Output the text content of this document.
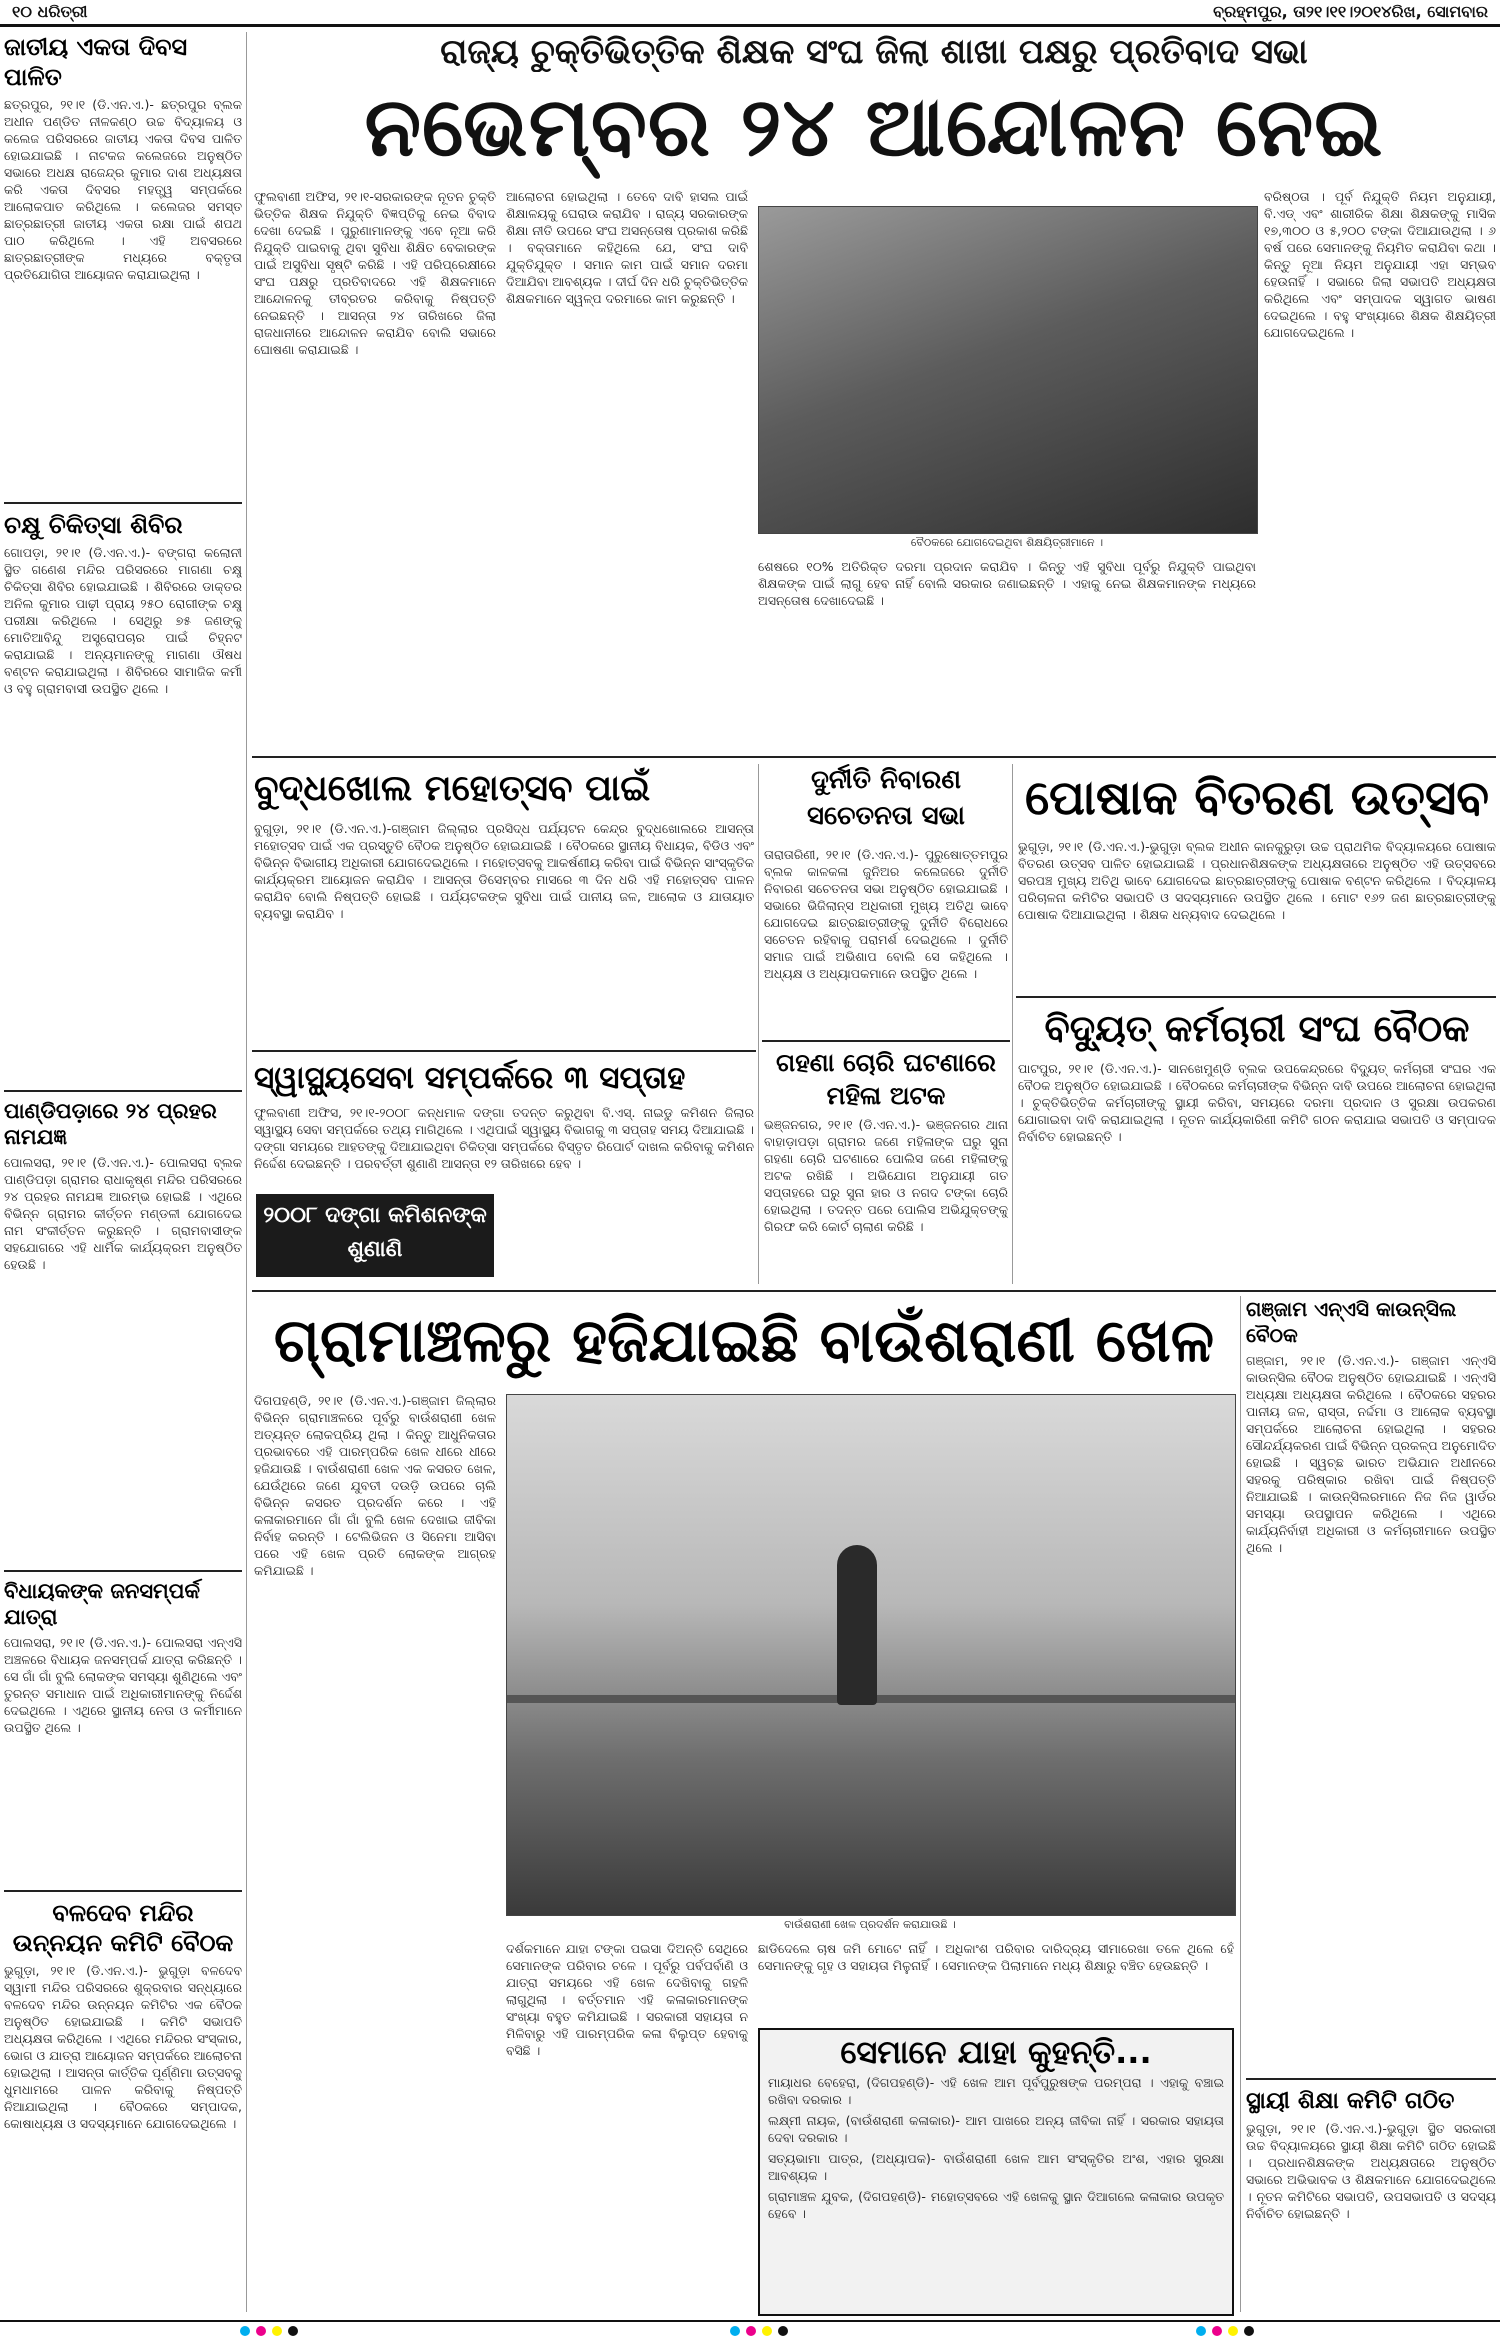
୧୦ ଧରିତ୍ରୀ	ବ୍ରହ୍ମପୁର, ତା୨୧।୧୧।୨୦୧୪ରିଖ, ସୋମବାର
ଜାତୀୟ ଏକତା ଦିବସ ପାଳିତ
ଛତ୍ରପୁର, ୨୧।୧ (ଡି.ଏନ.ଏ.)- ଛତ୍ରପୁର ବ୍ଲକ ଅଧୀନ ପଣ୍ଡିତ ନୀଳକଣ୍ଠ ଉଚ୍ଚ ବିଦ୍ୟାଳୟ ଓ କଲେଜ ପରିସରରେ ଜାତୀୟ ଏକତା ଦିବସ ପାଳିତ ହୋଇଯାଇଛି । ନାଟକଜ କଲେଜରେ ଅନୁଷ୍ଠିତ ସଭାରେ ଅଧକ୍ଷ ରାଜେନ୍ଦ୍ର କୁମାର ଦାଶ ଅଧ୍ୟକ୍ଷତା କରି ଏକତା ଦିବସର ମହତ୍ତ୍ୱ ସମ୍ପର୍କରେ ଆଲୋକପାତ କରିଥିଲେ । କଲେଜର ସମସ୍ତ ଛାତ୍ରଛାତ୍ରୀ ଜାତୀୟ ଏକତା ରକ୍ଷା ପାଇଁ ଶପଥ ପାଠ କରିଥିଲେ । ଏହି ଅବସରରେ ଛାତ୍ରଛାତ୍ରୀଙ୍କ ମଧ୍ୟରେ ବକ୍ତୃତା ପ୍ରତିଯୋଗିତା ଆୟୋଜନ କରାଯାଇଥିଲା ।
ଚକ୍ଷୁ ଚିକିତ୍ସା ଶିବିର
ଗୋପଡ଼ା, ୨୧।୧ (ଡି.ଏନ.ଏ.)- ବଙ୍ଗରା କଲୋନୀ ସ୍ଥିତ ଗଣେଶ ମନ୍ଦିର ପରିସରରେ ମାଗଣା ଚକ୍ଷୁ ଚିକିତ୍ସା ଶିବିର ହୋଇଯାଇଛି । ଶିବିରରେ ଡାକ୍ତର ଅନିଲ କୁମାର ପାଢ଼ୀ ପ୍ରାୟ ୨୫୦ ରୋଗୀଙ୍କ ଚକ୍ଷୁ ପରୀକ୍ଷା କରିଥିଲେ । ସେଥିରୁ ୭୫ ଜଣଙ୍କୁ ମୋତିଆବିନ୍ଦୁ ଅସ୍ତ୍ରୋପଚାର ପାଇଁ ଚିହ୍ନଟ କରାଯାଇଛି । ଅନ୍ୟମାନଙ୍କୁ ମାଗଣା ଔଷଧ ବଣ୍ଟନ କରାଯାଇଥିଲା । ଶିବିରରେ ସାମାଜିକ କର୍ମୀ ଓ ବହୁ ଗ୍ରାମବାସୀ ଉପସ୍ଥିତ ଥିଲେ ।
ପାଣ୍ଡିପଡ଼ାରେ ୨୪ ପ୍ରହର ନାମଯଜ୍ଞ
ପୋଲସରା, ୨୧।୧ (ଡି.ଏନ.ଏ.)- ପୋଲସରା ବ୍ଲକ ପାଣ୍ଡିପଡ଼ା ଗ୍ରାମର ରାଧାକୃଷ୍ଣ ମନ୍ଦିର ପରିସରରେ ୨୪ ପ୍ରହର ନାମଯଜ୍ଞ ଆରମ୍ଭ ହୋଇଛି । ଏଥିରେ ବିଭିନ୍ନ ଗ୍ରାମର କୀର୍ତ୍ତନ ମଣ୍ଡଳୀ ଯୋଗଦେଇ ନାମ ସଂକୀର୍ତ୍ତନ କରୁଛନ୍ତି । ଗ୍ରାମବାସୀଙ୍କ ସହଯୋଗରେ ଏହି ଧାର୍ମିକ କାର୍ଯ୍ୟକ୍ରମ ଅନୁଷ୍ଠିତ ହେଉଛି ।
ବିଧାୟକଙ୍କ ଜନସମ୍ପର୍କ ଯାତ୍ରା
ପୋଲସରା, ୨୧।୧ (ଡି.ଏନ.ଏ.)- ପୋଲସରା ଏନ୍ଏସି ଅଞ୍ଚଳରେ ବିଧାୟକ ଜନସମ୍ପର୍କ ଯାତ୍ରା କରିଛନ୍ତି । ସେ ଗାଁ ଗାଁ ବୁଲି ଲୋକଙ୍କ ସମସ୍ୟା ଶୁଣିଥିଲେ ଏବଂ ତୁରନ୍ତ ସମାଧାନ ପାଇଁ ଅଧିକାରୀମାନଙ୍କୁ ନିର୍ଦ୍ଦେଶ ଦେଇଥିଲେ । ଏଥିରେ ସ୍ଥାନୀୟ ନେତା ଓ କର୍ମୀମାନେ ଉପସ୍ଥିତ ଥିଲେ ।
ବଳଦେବ ମନ୍ଦିର ଉନ୍ନୟନ କମିଟି ବୈଠକ
ଭୁଗୁଡ଼ା, ୨୧।୧ (ଡି.ଏନ.ଏ.)- ଭୁଗୁଡ଼ା ବଳଦେବ ସ୍ୱାମୀ ମନ୍ଦିର ପରିସରରେ ଶୁକ୍ରବାର ସନ୍ଧ୍ୟାରେ ବଳଦେବ ମନ୍ଦିର ଉନ୍ନୟନ କମିଟିର ଏକ ବୈଠକ ଅନୁଷ୍ଠିତ ହୋଇଯାଇଛି । କମିଟି ସଭାପତି ଅଧ୍ୟକ୍ଷତା କରିଥିଲେ । ଏଥିରେ ମନ୍ଦିରର ସଂସ୍କାର, ଭୋଗ ଓ ଯାତ୍ରା ଆୟୋଜନ ସମ୍ପର୍କରେ ଆଲୋଚନା ହୋଇଥିଲା । ଆସନ୍ତା କାର୍ତ୍ତିକ ପୂର୍ଣ୍ଣିମା ଉତ୍ସବକୁ ଧୁମଧାମରେ ପାଳନ କରିବାକୁ ନିଷ୍ପତ୍ତି ନିଆଯାଇଥିଲା । ବୈଠକରେ ସମ୍ପାଦକ, କୋଷାଧ୍ୟକ୍ଷ ଓ ସଦସ୍ୟମାନେ ଯୋଗଦେଇଥିଲେ ।
ରାଜ୍ୟ ଚୁକ୍ତିଭିତ୍ତିକ ଶିକ୍ଷକ ସଂଘ ଜିଲା ଶାଖା ପକ୍ଷରୁ ପ୍ରତିବାଦ ସଭା
ନଭେମ୍ବର ୨୪ ଆନ୍ଦୋଳନ ନେଇ
ଫୁଲବାଣୀ ଅଫିସ, ୨୧।୧-ସରକାରଙ୍କ ନୂତନ ଚୁକ୍ତି ଭିତ୍ତିକ ଶିକ୍ଷକ ନିଯୁକ୍ତି ବିଜ୍ଞପ୍ତିକୁ ନେଇ ବିବାଦ ଦେଖା ଦେଇଛି । ପୁରୁଣାମାନଙ୍କୁ ଏବେ ନୂଆ କରି ନିଯୁକ୍ତି ପାଇବାକୁ ଥିବା ସୁବିଧା ଶିକ୍ଷିତ ବେକାରଙ୍କ ପାଇଁ ଅସୁବିଧା ସୃଷ୍ଟି କରିଛି । ଏହି ପରିପ୍ରେକ୍ଷୀରେ ସଂଘ ପକ୍ଷରୁ ପ୍ରତିବାଦରେ ଏହି ଶିକ୍ଷକମାନେ ଆନ୍ଦୋଳନକୁ ତୀବ୍ରତର କରିବାକୁ ନିଷ୍ପତ୍ତି ନେଇଛନ୍ତି । ଆସନ୍ତା ୨୪ ତାରିଖରେ ଜିଲା ରାଜଧାନୀରେ ଆନ୍ଦୋଳନ କରାଯିବ ବୋଲି ସଭାରେ ଘୋଷଣା କରାଯାଇଛି ।
ଆଲୋଚନା ହୋଇଥିଲା । ତେବେ ଦାବି ହାସଲ ପାଇଁ ଶିକ୍ଷାଳୟକୁ ଘେରାଉ କରାଯିବ । ରାଜ୍ୟ ସରକାରଙ୍କ ଶିକ୍ଷା ନୀତି ଉପରେ ସଂଘ ଅସନ୍ତୋଷ ପ୍ରକାଶ କରିଛି । ବକ୍ତାମାନେ କହିଥିଲେ ଯେ, ସଂଘ ଦାବି ଯୁକ୍ତିଯୁକ୍ତ । ସମାନ କାମ ପାଇଁ ସମାନ ଦରମା ଦିଆଯିବା ଆବଶ୍ୟକ । ଦୀର୍ଘ ଦିନ ଧରି ଚୁକ୍ତିଭିତ୍ତିକ ଶିକ୍ଷକମାନେ ସ୍ୱଳ୍ପ ଦରମାରେ କାମ କରୁଛନ୍ତି ।
ବୈଠକରେ ଯୋଗଦେଇଥିବା ଶିକ୍ଷୟିତ୍ରୀମାନେ ।
ଶେଷରେ ୧୦% ଅତିରିକ୍ତ ଦରମା ପ୍ରଦାନ କରାଯିବ । କିନ୍ତୁ ଏହି ସୁବିଧା ପୂର୍ବରୁ ନିଯୁକ୍ତି ପାଇଥିବା ଶିକ୍ଷକଙ୍କ ପାଇଁ ଲାଗୁ ହେବ ନାହିଁ ବୋଲି ସରକାର ଜଣାଇଛନ୍ତି । ଏହାକୁ ନେଇ ଶିକ୍ଷକମାନଙ୍କ ମଧ୍ୟରେ ଅସନ୍ତୋଷ ଦେଖାଦେଇଛି ।
ବରିଷ୍ଠତା । ପୂର୍ବ ନିଯୁକ୍ତି ନିୟମ ଅନୁଯାୟୀ, ବି.ଏଡ୍ ଏବଂ ଶାରୀରିକ ଶିକ୍ଷା ଶିକ୍ଷକଙ୍କୁ ମାସିକ ୧୭,୩୦୦ ଓ ୫,୨୦୦ ଟଙ୍କା ଦିଆଯାଉଥିଲା । ୬ ବର୍ଷ ପରେ ସେମାନଙ୍କୁ ନିୟମିତ କରାଯିବା କଥା । କିନ୍ତୁ ନୂଆ ନିୟମ ଅନୁଯାୟୀ ଏହା ସମ୍ଭବ ହେଉନାହିଁ । ସଭାରେ ଜିଲା ସଭାପତି ଅଧ୍ୟକ୍ଷତା କରିଥିଲେ ଏବଂ ସମ୍ପାଦକ ସ୍ୱାଗତ ଭାଷଣ ଦେଇଥିଲେ । ବହୁ ସଂଖ୍ୟାରେ ଶିକ୍ଷକ ଶିକ୍ଷୟିତ୍ରୀ ଯୋଗଦେଇଥିଲେ ।
ବୁଦ୍ଧଖୋଲ ମହୋତ୍ସବ ପାଇଁ
ବୁଗୁଡ଼ା, ୨୧।୧ (ଡି.ଏନ.ଏ.)-ଗଞ୍ଜାମ ଜିଲ୍ଲାର ପ୍ରସିଦ୍ଧ ପର୍ଯ୍ୟଟନ କେନ୍ଦ୍ର ବୁଦ୍ଧଖୋଲରେ ଆସନ୍ତା ମହୋତ୍ସବ ପାଇଁ ଏକ ପ୍ରସ୍ତୁତି ବୈଠକ ଅନୁଷ୍ଠିତ ହୋଇଯାଇଛି । ବୈଠକରେ ସ୍ଥାନୀୟ ବିଧାୟକ, ବିଡିଓ ଏବଂ ବିଭିନ୍ନ ବିଭାଗୀୟ ଅଧିକାରୀ ଯୋଗଦେଇଥିଲେ । ମହୋତ୍ସବକୁ ଆକର୍ଷଣୀୟ କରିବା ପାଇଁ ବିଭିନ୍ନ ସାଂସ୍କୃତିକ କାର୍ଯ୍ୟକ୍ରମ ଆୟୋଜନ କରାଯିବ । ଆସନ୍ତା ଡିସେମ୍ବର ମାସରେ ୩ ଦିନ ଧରି ଏହି ମହୋତ୍ସବ ପାଳନ କରାଯିବ ବୋଲି ନିଷ୍ପତ୍ତି ହୋଇଛି । ପର୍ଯ୍ୟଟକଙ୍କ ସୁବିଧା ପାଇଁ ପାନୀୟ ଜଳ, ଆଲୋକ ଓ ଯାତାୟାତ ବ୍ୟବସ୍ଥା କରାଯିବ ।
ଦୁର୍ନୀତି ନିବାରଣ ସଚେତନତା ସଭା
ତାରାତାରିଣୀ, ୨୧।୧ (ଡି.ଏନ.ଏ.)- ପୁରୁଷୋତ୍ତମପୁର ବ୍ଲକ କାଳକଳା ଜୁନିଅର କଲେଜରେ ଦୁର୍ନୀତି ନିବାରଣ ସଚେତନତା ସଭା ଅନୁଷ୍ଠିତ ହୋଇଯାଇଛି । ସଭାରେ ଭିଜିଲାନ୍ସ ଅଧିକାରୀ ମୁଖ୍ୟ ଅତିଥି ଭାବେ ଯୋଗଦେଇ ଛାତ୍ରଛାତ୍ରୀଙ୍କୁ ଦୁର୍ନୀତି ବିରୋଧରେ ସଚେତନ ରହିବାକୁ ପରାମର୍ଶ ଦେଇଥିଲେ । ଦୁର୍ନୀତି ସମାଜ ପାଇଁ ଅଭିଶାପ ବୋଲି ସେ କହିଥିଲେ । ଅଧ୍ୟକ୍ଷ ଓ ଅଧ୍ୟାପକମାନେ ଉପସ୍ଥିତ ଥିଲେ ।
ପୋଷାକ ବିତରଣ ଉତ୍ସବ
ଭୁଗୁଡ଼ା, ୨୧।୧ (ଡି.ଏନ.ଏ.)-ଭୁଗୁଡ଼ା ବ୍ଲକ ଅଧୀନ କାନକୁରୁଡ଼ା ଉଚ୍ଚ ପ୍ରାଥମିକ ବିଦ୍ୟାଳୟରେ ପୋଷାକ ବିତରଣ ଉତ୍ସବ ପାଳିତ ହୋଇଯାଇଛି । ପ୍ରଧାନଶିକ୍ଷକଙ୍କ ଅଧ୍ୟକ୍ଷତାରେ ଅନୁଷ୍ଠିତ ଏହି ଉତ୍ସବରେ ସରପଞ୍ଚ ମୁଖ୍ୟ ଅତିଥି ଭାବେ ଯୋଗଦେଇ ଛାତ୍ରଛାତ୍ରୀଙ୍କୁ ପୋଷାକ ବଣ୍ଟନ କରିଥିଲେ । ବିଦ୍ୟାଳୟ ପରିଚାଳନା କମିଟିର ସଭାପତି ଓ ସଦସ୍ୟମାନେ ଉପସ୍ଥିତ ଥିଲେ । ମୋଟ ୧୬୨ ଜଣ ଛାତ୍ରଛାତ୍ରୀଙ୍କୁ ପୋଷାକ ଦିଆଯାଇଥିଲା । ଶିକ୍ଷକ ଧନ୍ୟବାଦ ଦେଇଥିଲେ ।
ସ୍ୱାସ୍ଥ୍ୟସେବା ସମ୍ପର୍କରେ ୩ ସପ୍ତାହ
ଫୁଲବାଣୀ ଅଫିସ, ୨୧।୧-୨୦୦୮ କନ୍ଧମାଳ ଦଙ୍ଗା ତଦନ୍ତ କରୁଥିବା ବି.ଏସ୍. ନାଇଡୁ କମିଶନ ଜିଲାର ସ୍ୱାସ୍ଥ୍ୟ ସେବା ସମ୍ପର୍କରେ ତଥ୍ୟ ମାଗିଥିଲେ । ଏଥିପାଇଁ ସ୍ୱାସ୍ଥ୍ୟ ବିଭାଗକୁ ୩ ସପ୍ତାହ ସମୟ ଦିଆଯାଇଛି । ଦଙ୍ଗା ସମୟରେ ଆହତଙ୍କୁ ଦିଆଯାଇଥିବା ଚିକିତ୍ସା ସମ୍ପର୍କରେ ବିସ୍ତୃତ ରିପୋର୍ଟ ଦାଖଲ କରିବାକୁ କମିଶନ ନିର୍ଦ୍ଦେଶ ଦେଇଛନ୍ତି । ପରବର୍ତ୍ତୀ ଶୁଣାଣି ଆସନ୍ତା ୧୨ ତାରିଖରେ ହେବ ।
୨୦୦୮ ଦଙ୍ଗା କମିଶନଙ୍କ ଶୁଣାଣି
ଗହଣା ଚୋରି ଘଟଣାରେ ମହିଳା ଅଟକ
ଭଞ୍ଜନଗର, ୨୧।୧ (ଡି.ଏନ.ଏ.)- ଭଞ୍ଜନଗର ଥାନା ବାହାଡ଼ାପଡ଼ା ଗ୍ରାମର ଜଣେ ମହିଳାଙ୍କ ଘରୁ ସୁନା ଗହଣା ଚୋରି ଘଟଣାରେ ପୋଲିସ ଜଣେ ମହିଳାଙ୍କୁ ଅଟକ ରଖିଛି । ଅଭିଯୋଗ ଅନୁଯାୟୀ ଗତ ସପ୍ତାହରେ ଘରୁ ସୁନା ହାର ଓ ନଗଦ ଟଙ୍କା ଚୋରି ହୋଇଥିଲା । ତଦନ୍ତ ପରେ ପୋଲିସ ଅଭିଯୁକ୍ତଙ୍କୁ ଗିରଫ କରି କୋର୍ଟ ଚାଲାଣ କରିଛି ।
ବିଦ୍ୟୁତ୍ କର୍ମଚାରୀ ସଂଘ ବୈଠକ
ପାଟପୁର, ୨୧।୧ (ଡି.ଏନ.ଏ.)- ସାନଖେମୁଣ୍ଡି ବ୍ଲକ ଉପକେନ୍ଦ୍ରରେ ବିଦ୍ୟୁତ୍ କର୍ମଚାରୀ ସଂଘର ଏକ ବୈଠକ ଅନୁଷ୍ଠିତ ହୋଇଯାଇଛି । ବୈଠକରେ କର୍ମଚାରୀଙ୍କ ବିଭିନ୍ନ ଦାବି ଉପରେ ଆଲୋଚନା ହୋଇଥିଲା । ଚୁକ୍ତିଭିତ୍ତିକ କର୍ମଚାରୀଙ୍କୁ ସ୍ଥାୟୀ କରିବା, ସମୟରେ ଦରମା ପ୍ରଦାନ ଓ ସୁରକ୍ଷା ଉପକରଣ ଯୋଗାଇବା ଦାବି କରାଯାଇଥିଲା । ନୂତନ କାର୍ଯ୍ୟକାରିଣୀ କମିଟି ଗଠନ କରାଯାଇ ସଭାପତି ଓ ସମ୍ପାଦକ ନିର୍ବାଚିତ ହୋଇଛନ୍ତି ।
ଗ୍ରାମାଞ୍ଚଳରୁ ହଜିଯାଇଛି ବାଉଁଶରାଣୀ ଖେଳ
ଦିଗପହଣ୍ଡି, ୨୧।୧ (ଡି.ଏନ.ଏ.)-ଗଞ୍ଜାମ ଜିଲ୍ଲାର ବିଭିନ୍ନ ଗ୍ରାମାଞ୍ଚଳରେ ପୂର୍ବରୁ ବାଉଁଶରାଣୀ ଖେଳ ଅତ୍ୟନ୍ତ ଲୋକପ୍ରିୟ ଥିଲା । କିନ୍ତୁ ଆଧୁନିକତାର ପ୍ରଭାବରେ ଏହି ପାରମ୍ପରିକ ଖେଳ ଧୀରେ ଧୀରେ ହଜିଯାଉଛି । ବାଉଁଶରାଣୀ ଖେଳ ଏକ କସରତ ଖେଳ, ଯେଉଁଥିରେ ଜଣେ ଯୁବତୀ ଦଉଡ଼ି ଉପରେ ଚାଲି ବିଭିନ୍ନ କସରତ ପ୍ରଦର୍ଶନ କରେ । ଏହି କଳାକାରମାନେ ଗାଁ ଗାଁ ବୁଲି ଖେଳ ଦେଖାଇ ଜୀବିକା ନିର୍ବାହ କରନ୍ତି । ଟେଲିଭିଜନ ଓ ସିନେମା ଆସିବା ପରେ ଏହି ଖେଳ ପ୍ରତି ଲୋକଙ୍କ ଆଗ୍ରହ କମିଯାଇଛି ।
ବାଉଁଶରାଣୀ ଖେଳ ପ୍ରଦର୍ଶନ କରାଯାଉଛି ।
ଦର୍ଶକମାନେ ଯାହା ଟଙ୍କା ପଇସା ଦିଅନ୍ତି ସେଥିରେ ସେମାନଙ୍କ ପରିବାର ଚଳେ । ପୂର୍ବରୁ ପର୍ବପର୍ବାଣି ଓ ଯାତ୍ରା ସମୟରେ ଏହି ଖେଳ ଦେଖିବାକୁ ଗହଳି ଲାଗୁଥିଲା । ବର୍ତ୍ତମାନ ଏହି କଳାକାରମାନଙ୍କ ସଂଖ୍ୟା ବହୁତ କମିଯାଇଛି । ସରକାରୀ ସହାୟତା ନ ମିଳିବାରୁ ଏହି ପାରମ୍ପରିକ କଳା ବିଲୁପ୍ତ ହେବାକୁ ବସିଛି ।
ଛାଡିଦେଲେ ଚାଷ ଜମି ମୋଟେ ନାହିଁ । ଅଧିକାଂଶ ପରିବାର ଦାରିଦ୍ର୍ୟ ସୀମାରେଖା ତଳେ ଥିଲେ ହେଁ ସେମାନଙ୍କୁ ଗୃହ ଓ ସହାୟତା ମିଳୁନାହିଁ । ସେମାନଙ୍କ ପିଲାମାନେ ମଧ୍ୟ ଶିକ୍ଷାରୁ ବଞ୍ଚିତ ହେଉଛନ୍ତି ।
ସେମାନେ ଯାହା କୁହନ୍ତି...

ମାୟାଧର ବେହେରା, (ଦିଗପହଣ୍ଡି)- ଏହି ଖେଳ ଆମ ପୂର୍ବପୁରୁଷଙ୍କ ପରମ୍ପରା । ଏହାକୁ ବଞ୍ଚାଇ ରଖିବା ଦରକାର ।

ଲକ୍ଷ୍ମୀ ନାୟକ, (ବାଉଁଶରାଣୀ କଳାକାର)- ଆମ ପାଖରେ ଅନ୍ୟ ଜୀବିକା ନାହିଁ । ସରକାର ସହାୟତା ଦେବା ଦରକାର ।

ସତ୍ୟଭାମା ପାତ୍ର, (ଅଧ୍ୟାପକ)- ବାଉଁଶରାଣୀ ଖେଳ ଆମ ସଂସ୍କୃତିର ଅଂଶ, ଏହାର ସୁରକ୍ଷା ଆବଶ୍ୟକ ।

ଗ୍ରାମାଞ୍ଚଳ ଯୁବକ, (ଦିଗପହଣ୍ଡି)- ମହୋତ୍ସବରେ ଏହି ଖେଳକୁ ସ୍ଥାନ ଦିଆଗଲେ କଳାକାର ଉପକୃତ ହେବେ ।

ଗଞ୍ଜାମ ଏନ୍ଏସି କାଉନ୍ସିଲ ବୈଠକ
ଗଞ୍ଜାମ, ୨୧।୧ (ଡି.ଏନ.ଏ.)- ଗଞ୍ଜାମ ଏନ୍ଏସି କାଉନ୍ସିଲ ବୈଠକ ଅନୁଷ୍ଠିତ ହୋଇଯାଇଛି । ଏନ୍ଏସି ଅଧ୍ୟକ୍ଷା ଅଧ୍ୟକ୍ଷତା କରିଥିଲେ । ବୈଠକରେ ସହରର ପାନୀୟ ଜଳ, ରାସ୍ତା, ନର୍ଦ୍ଦମା ଓ ଆଲୋକ ବ୍ୟବସ୍ଥା ସମ୍ପର୍କରେ ଆଲୋଚନା ହୋଇଥିଲା । ସହରର ସୌନ୍ଦର୍ଯ୍ୟକରଣ ପାଇଁ ବିଭିନ୍ନ ପ୍ରକଳ୍ପ ଅନୁମୋଦିତ ହୋଇଛି । ସ୍ୱଚ୍ଛ ଭାରତ ଅଭିଯାନ ଅଧୀନରେ ସହରକୁ ପରିଷ୍କାର ରଖିବା ପାଇଁ ନିଷ୍ପତ୍ତି ନିଆଯାଇଛି । କାଉନ୍ସିଲରମାନେ ନିଜ ନିଜ ୱାର୍ଡର ସମସ୍ୟା ଉପସ୍ଥାପନ କରିଥିଲେ । ଏଥିରେ କାର୍ଯ୍ୟନିର୍ବାହୀ ଅଧିକାରୀ ଓ କର୍ମଚାରୀମାନେ ଉପସ୍ଥିତ ଥିଲେ ।
ସ୍ଥାୟୀ ଶିକ୍ଷା କମିଟି ଗଠିତ
ଭୁଗୁଡ଼ା, ୨୧।୧ (ଡି.ଏନ.ଏ.)-ଭୁଗୁଡ଼ା ସ୍ଥିତ ସରକାରୀ ଉଚ୍ଚ ବିଦ୍ୟାଳୟରେ ସ୍ଥାୟୀ ଶିକ୍ଷା କମିଟି ଗଠିତ ହୋଇଛି । ପ୍ରଧାନଶିକ୍ଷକଙ୍କ ଅଧ୍ୟକ୍ଷତାରେ ଅନୁଷ୍ଠିତ ସଭାରେ ଅଭିଭାବକ ଓ ଶିକ୍ଷକମାନେ ଯୋଗଦେଇଥିଲେ । ନୂତନ କମିଟିରେ ସଭାପତି, ଉପସଭାପତି ଓ ସଦସ୍ୟ ନିର୍ବାଚିତ ହୋଇଛନ୍ତି ।
